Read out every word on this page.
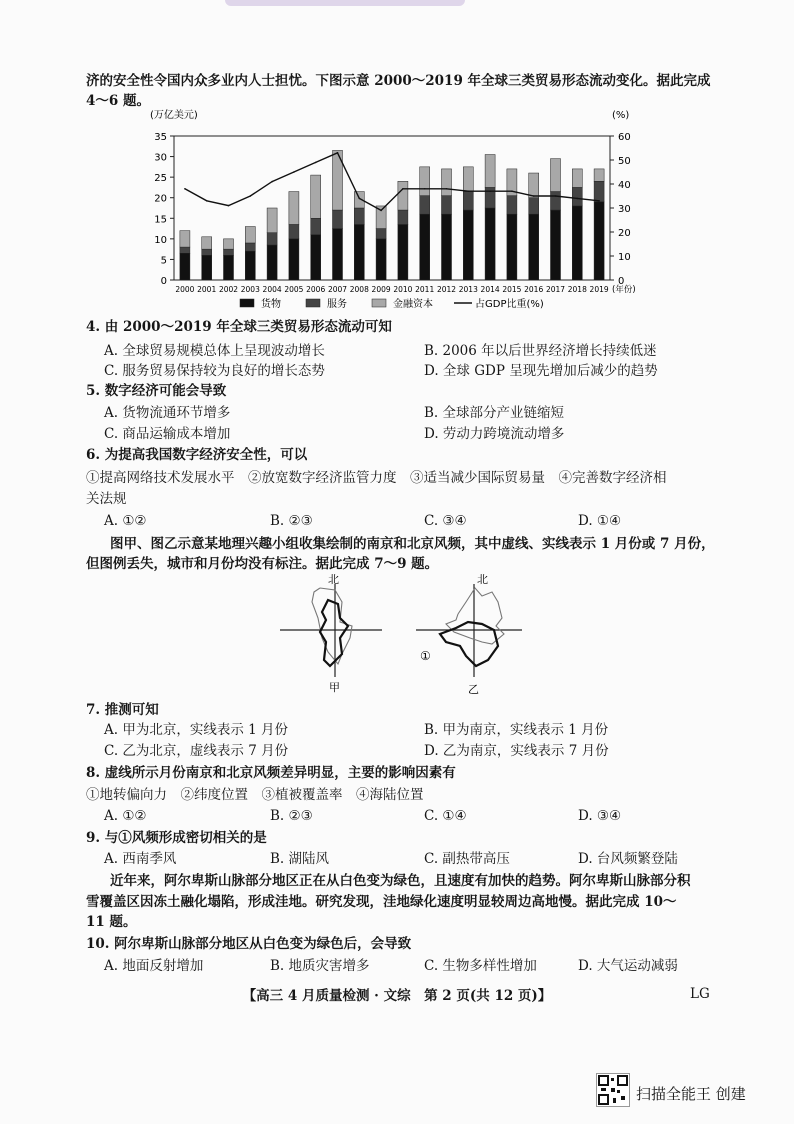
济的安全性令国内众多业内人士担忧。下图示意 2000～2019 年全球三类贸易形态流动变化。据此完成
4～6 题。
0
5
10
15
20
25
30
35
0
10
20
30
40
50
60
(万亿美元)	(%)
2000 2001 2002 2003 2004 2005 2006 2007 2008 2009 2010 2011 2012 2013 2014 2015 2016 2017 2018 2019 (年份)
货物	服务	金融资本	占GDP比重(%)
4. 由 2000～2019 年全球三类贸易形态流动可知
A. 全球贸易规模总体上呈现波动增长	B. 2006 年以后世界经济增长持续低迷
C. 服务贸易保持较为良好的增长态势	D. 全球 GDP 呈现先增加后减少的趋势
5. 数字经济可能会导致
A. 货物流通环节增多	B. 全球部分产业链缩短
C. 商品运输成本增加	D. 劳动力跨境流动增多
6. 为提高我国数字经济安全性，可以
①提高网络技术发展水平　②放宽数字经济监管力度　③适当减少国际贸易量　④完善数字经济相
关法规
A. ①②	B. ②③	C. ③④	D. ①④
图甲、图乙示意某地理兴趣小组收集绘制的南京和北京风频，其中虚线、实线表示 1 月份或 7 月份，
但图例丢失，城市和月份均没有标注。据此完成 7～9 题。
北
甲
北
①
乙
7. 推测可知
A. 甲为北京，实线表示 1 月份	B. 甲为南京，实线表示 1 月份
C. 乙为北京，虚线表示 7 月份	D. 乙为南京，实线表示 7 月份
8. 虚线所示月份南京和北京风频差异明显，主要的影响因素有
①地转偏向力　②纬度位置　③植被覆盖率　④海陆位置
A. ①②	B. ②③	C. ①④	D. ③④
9. 与①风频形成密切相关的是
A. 西南季风	B. 湖陆风	C. 副热带高压	D. 台风频繁登陆
近年来，阿尔卑斯山脉部分地区正在从白色变为绿色，且速度有加快的趋势。阿尔卑斯山脉部分积
雪覆盖区因冻土融化塌陷，形成洼地。研究发现，洼地绿化速度明显较周边高地慢。据此完成 10～
11 题。
10. 阿尔卑斯山脉部分地区从白色变为绿色后，会导致
A. 地面反射增加	B. 地质灾害增多	C. 生物多样性增加	D. 大气运动减弱
【高三 4 月质量检测 · 文综　第 2 页(共 12 页)】	LG
扫描全能王 创建
